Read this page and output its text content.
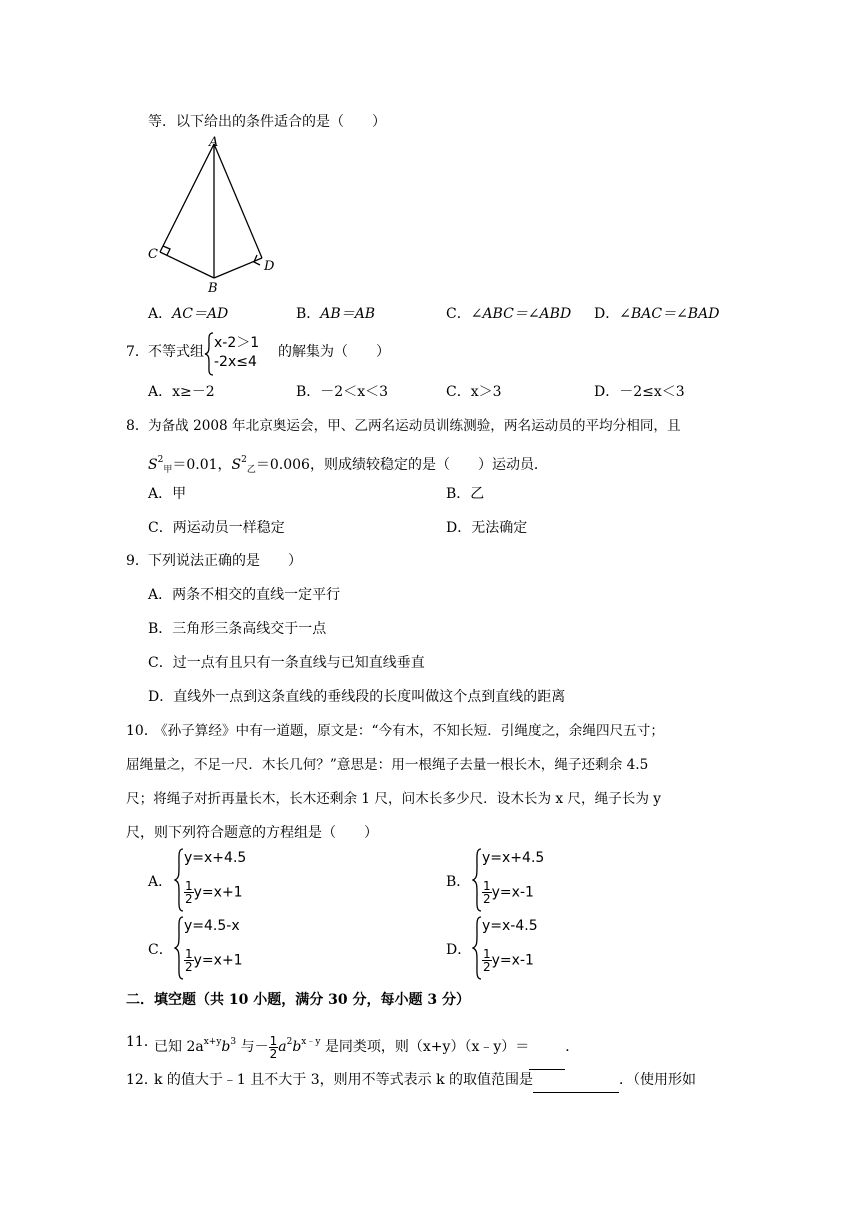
等．以下给出的条件适合的是（　　）
A
C
D
B
A．AC＝AD	B．AB＝AB	C．∠ABC＝∠ABD D．∠BAC＝∠BAD
7． 不等式组
x-2＞1
-2x≤4
的解集为（　　）
A．x≥－2	B．－2＜x＜3	C．x＞3	D．－2≤x＜3
8． 为备战 2008 年北京奥运会，甲、乙两名运动员训练测验，两名运动员的平均分相同，且
$S^2_甲=0.01$，$S^2_乙=0.006$，则成绩较稳定的是（　　）运动员．
A．甲	B．乙
C．两运动员一样稳定	D．无法确定
9． 下列说法正确的是　　）
A．两条不相交的直线一定平行
B．三角形三条高线交于一点
C．过一点有且只有一条直线与已知直线垂直
D．直线外一点到这条直线的垂线段的长度叫做这个点到直线的距离
10．
《孙子算经》中有一道题，原文是：“今有木，不知长短．引绳度之，余绳四尺五寸；
屈绳量之，不足一尺．木长几何？”意思是：用一根绳子去量一根长木，绳子还剩余 4.5
尺；将绳子对折再量长木，长木还剩余 1 尺，问木长多少尺．设木长为 x 尺，绳子长为 y
尺，则下列符合题意的方程组是（　　）
A．
y=x+4.5
$\frac{1}{2} y=x+1$
B．
y=x+4.5
$\frac{1}{2} y=x-1$
C．
y=4.5-x
$\frac{1}{2} y=x+1$
D．
y=x-4.5
$\frac{1}{2} y=x-1$
二．填空题（共 10 小题，满分 30 分，每小题 3 分）
11．
已知 $2a^{x+y}b^3$ 与－ $\frac{1}{2} a^2b^{x﹣y}$ 是同类项，则（x+y）（x﹣y）＝	．
12．
k 的值大于﹣1 且不大于 3，则用不等式表示 k 的取值范围是	．（使用形如
